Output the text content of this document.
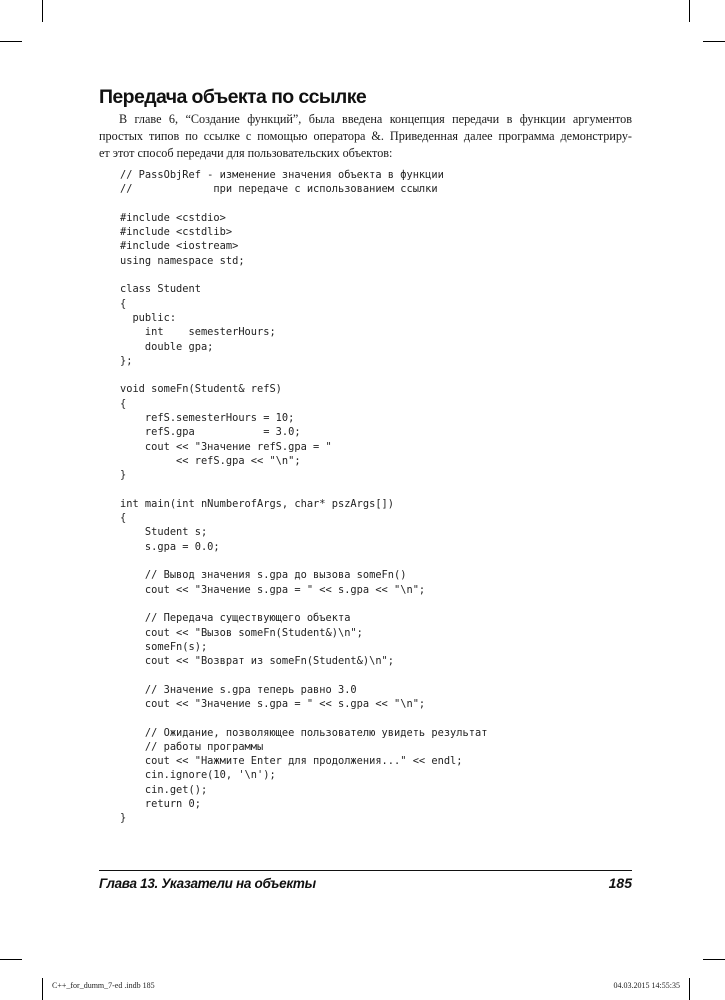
Передача объекта по ссылке
В главе 6, “Создание функций”, была введена концепция передачи в функции аргументов
простых типов по ссылке с помощью оператора &. Приведенная далее программа демонстриру-
ет этот способ передачи для пользовательских объектов:
// PassObjRef - изменение значения объекта в функции
//             при передаче с использованием ссылки
#include <cstdio>
#include <cstdlib>
#include <iostream>
using namespace std;
class Student
{
public:
int    semesterHours;
double gpa;
};
void someFn(Student& refS)
{
refS.semesterHours = 10;
refS.gpa           = 3.0;
cout << "Значение refS.gpa = "
<< refS.gpa << "\n";
}
int main(int nNumberofArgs, char* pszArgs[])
{
Student s;
s.gpa = 0.0;
// Вывод значения s.gpa до вызова someFn()
cout << "Значение s.gpa = " << s.gpa << "\n";
// Передача существующего объекта
cout << "Вызов someFn(Student&)\n";
someFn(s);
cout << "Возврат из someFn(Student&)\n";
// Значение s.gpa теперь равно 3.0
cout << "Значение s.gpa = " << s.gpa << "\n";
// Ожидание, позволяющее пользователю увидеть результат
// работы программы
cout << "Нажмите Enter для продолжения..." << endl;
cin.ignore(10, '\n');
cin.get();
return 0;
}
Глава 13. Указатели на объекты	185
C++_for_dumm_7-ed .indb 185	04.03.2015 14:55:35
